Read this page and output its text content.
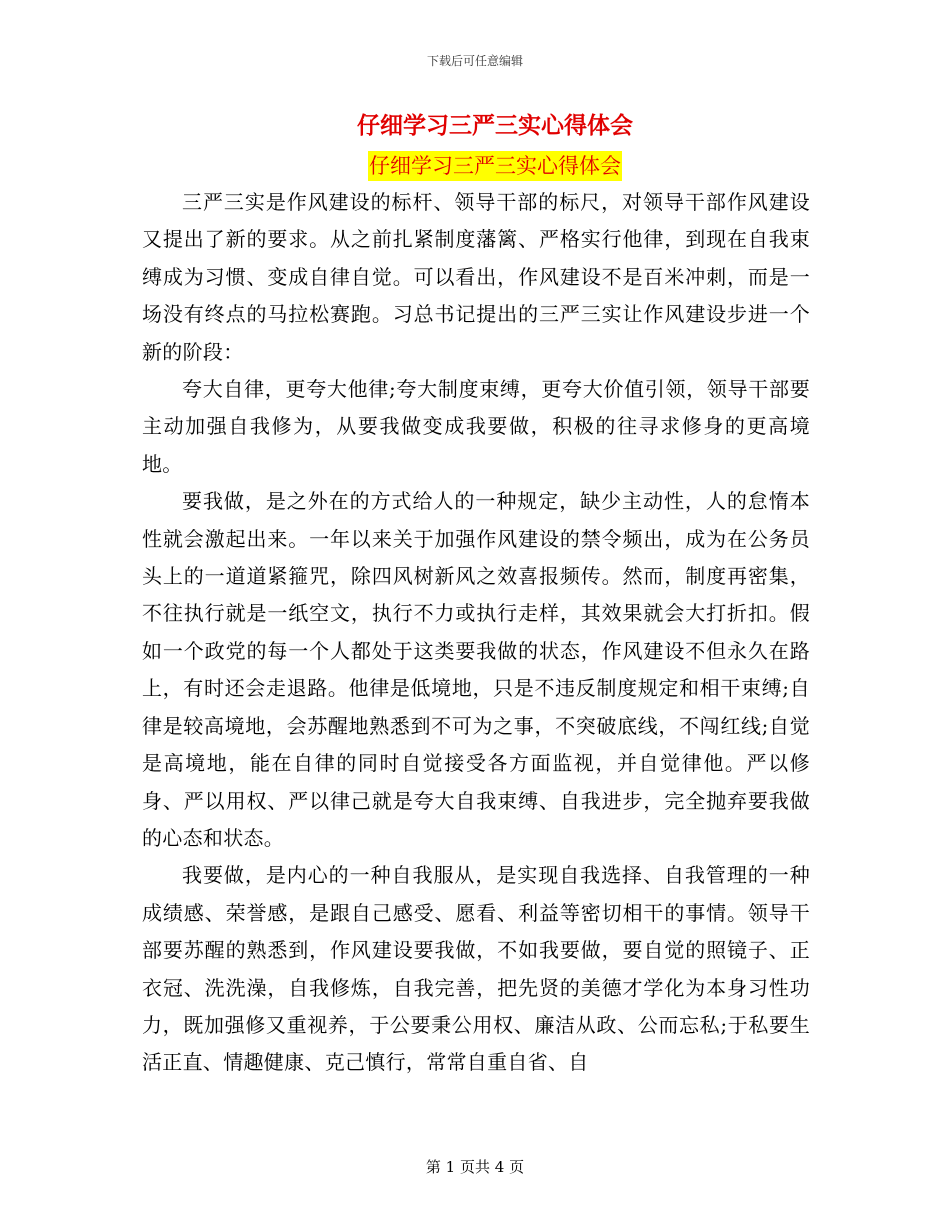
下载后可任意编辑
仔细学习三严三实心得体会
仔细学习三严三实心得体会

三严三实是作风建设的标杆、领导干部的标尺，对领导干部作风建设又提出了新的要求。从之前扎紧制度藩篱、严格实行他律，到现在自我束缚成为习惯、变成自律自觉。可以看出，作风建设不是百米冲刺，而是一场没有终点的马拉松赛跑。习总书记提出的三严三实让作风建设步进一个新的阶段：

夸大自律，更夸大他律;夸大制度束缚，更夸大价值引领，领导干部要主动加强自我修为，从要我做变成我要做，积极的往寻求修身的更高境地。

要我做，是之外在的方式给人的一种规定，缺少主动性，人的怠惰本性就会激起出来。一年以来关于加强作风建设的禁令频出，成为在公务员头上的一道道紧箍咒，除四风树新风之效喜报频传。然而，制度再密集，不往执行就是一纸空文，执行不力或执行走样，其效果就会大打折扣。假如一个政党的每一个人都处于这类要我做的状态，作风建设不但永久在路上，有时还会走退路。他律是低境地，只是不违反制度规定和相干束缚;自律是较高境地，会苏醒地熟悉到不可为之事，不突破底线，不闯红线;自觉是高境地，能在自律的同时自觉接受各方面监视，并自觉律他。严以修身、严以用权、严以律己就是夸大自我束缚、自我进步，完全抛弃要我做的心态和状态。

我要做，是内心的一种自我服从，是实现自我选择、自我管理的一种成绩感、荣誉感，是跟自己感受、愿看、利益等密切相干的事情。领导干部要苏醒的熟悉到，作风建设要我做，不如我要做，要自觉的照镜子、正衣冠、洗洗澡，自我修炼，自我完善，把先贤的美德才学化为本身习性功力，既加强修又重视养，于公要秉公用权、廉洁从政、公而忘私;于私要生活正直、情趣健康、克己慎行，常常自重自省、自

第 1 页共 4 页
